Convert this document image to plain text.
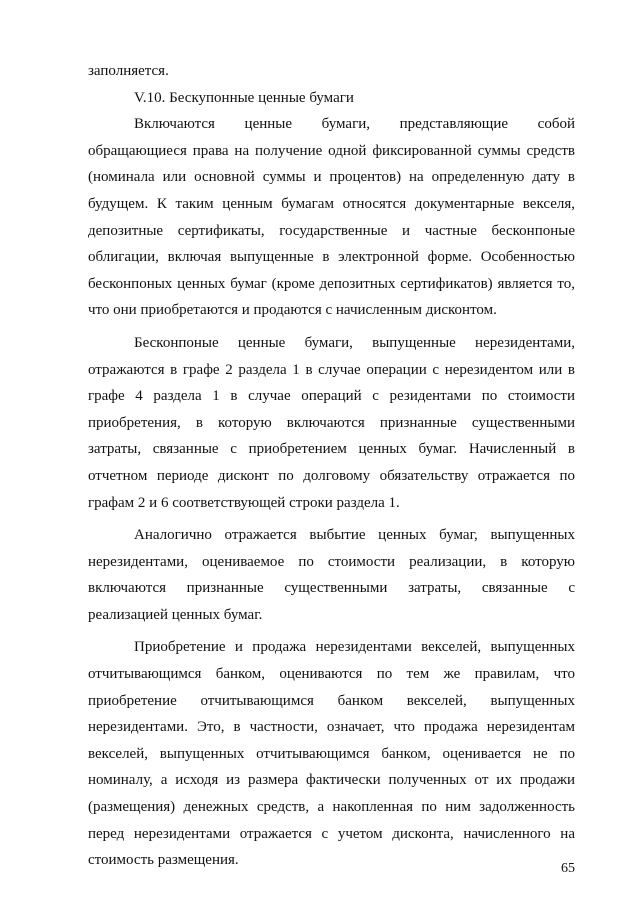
заполняется.

V.10. Бескупонные ценные бумаги

Включаются ценные бумаги, представляющие собой

обращающиеся права на получение одной фиксированной суммы средств

(номинала или основной суммы и процентов) на определенную дату в

будущем. К таким ценным бумагам относятся документарные векселя,

депозитные сертификаты, государственные и частные бесконпоные

облигации, включая выпущенные в электронной форме. Особенностью

бесконпоных ценных бумаг (кроме депозитных сертификатов) является то,

что они приобретаются и продаются с начисленным дисконтом.

Бесконпоные ценные бумаги, выпущенные нерезидентами,

отражаются в графе 2 раздела 1 в случае операции с нерезидентом или в

графе 4 раздела 1 в случае операций с резидентами по стоимости

приобретения, в которую включаются признанные существенными

затраты, связанные с приобретением ценных бумаг. Начисленный в

отчетном периоде дисконт по долговому обязательству отражается по

графам 2 и 6 соответствующей строки раздела 1.

Аналогично отражается выбытие ценных бумаг, выпущенных

нерезидентами, оцениваемое по стоимости реализации, в которую

включаются признанные существенными затраты, связанные с

реализацией ценных бумаг.

Приобретение и продажа нерезидентами векселей, выпущенных

отчитывающимся банком, оцениваются по тем же правилам, что

приобретение отчитывающимся банком векселей, выпущенных

нерезидентами. Это, в частности, означает, что продажа нерезидентам

векселей, выпущенных отчитывающимся банком, оценивается не по

номиналу, а исходя из размера фактически полученных от их продажи

(размещения) денежных средств, а накопленная по ним задолженность

перед нерезидентами отражается с учетом дисконта, начисленного на

стоимость размещения.

65
